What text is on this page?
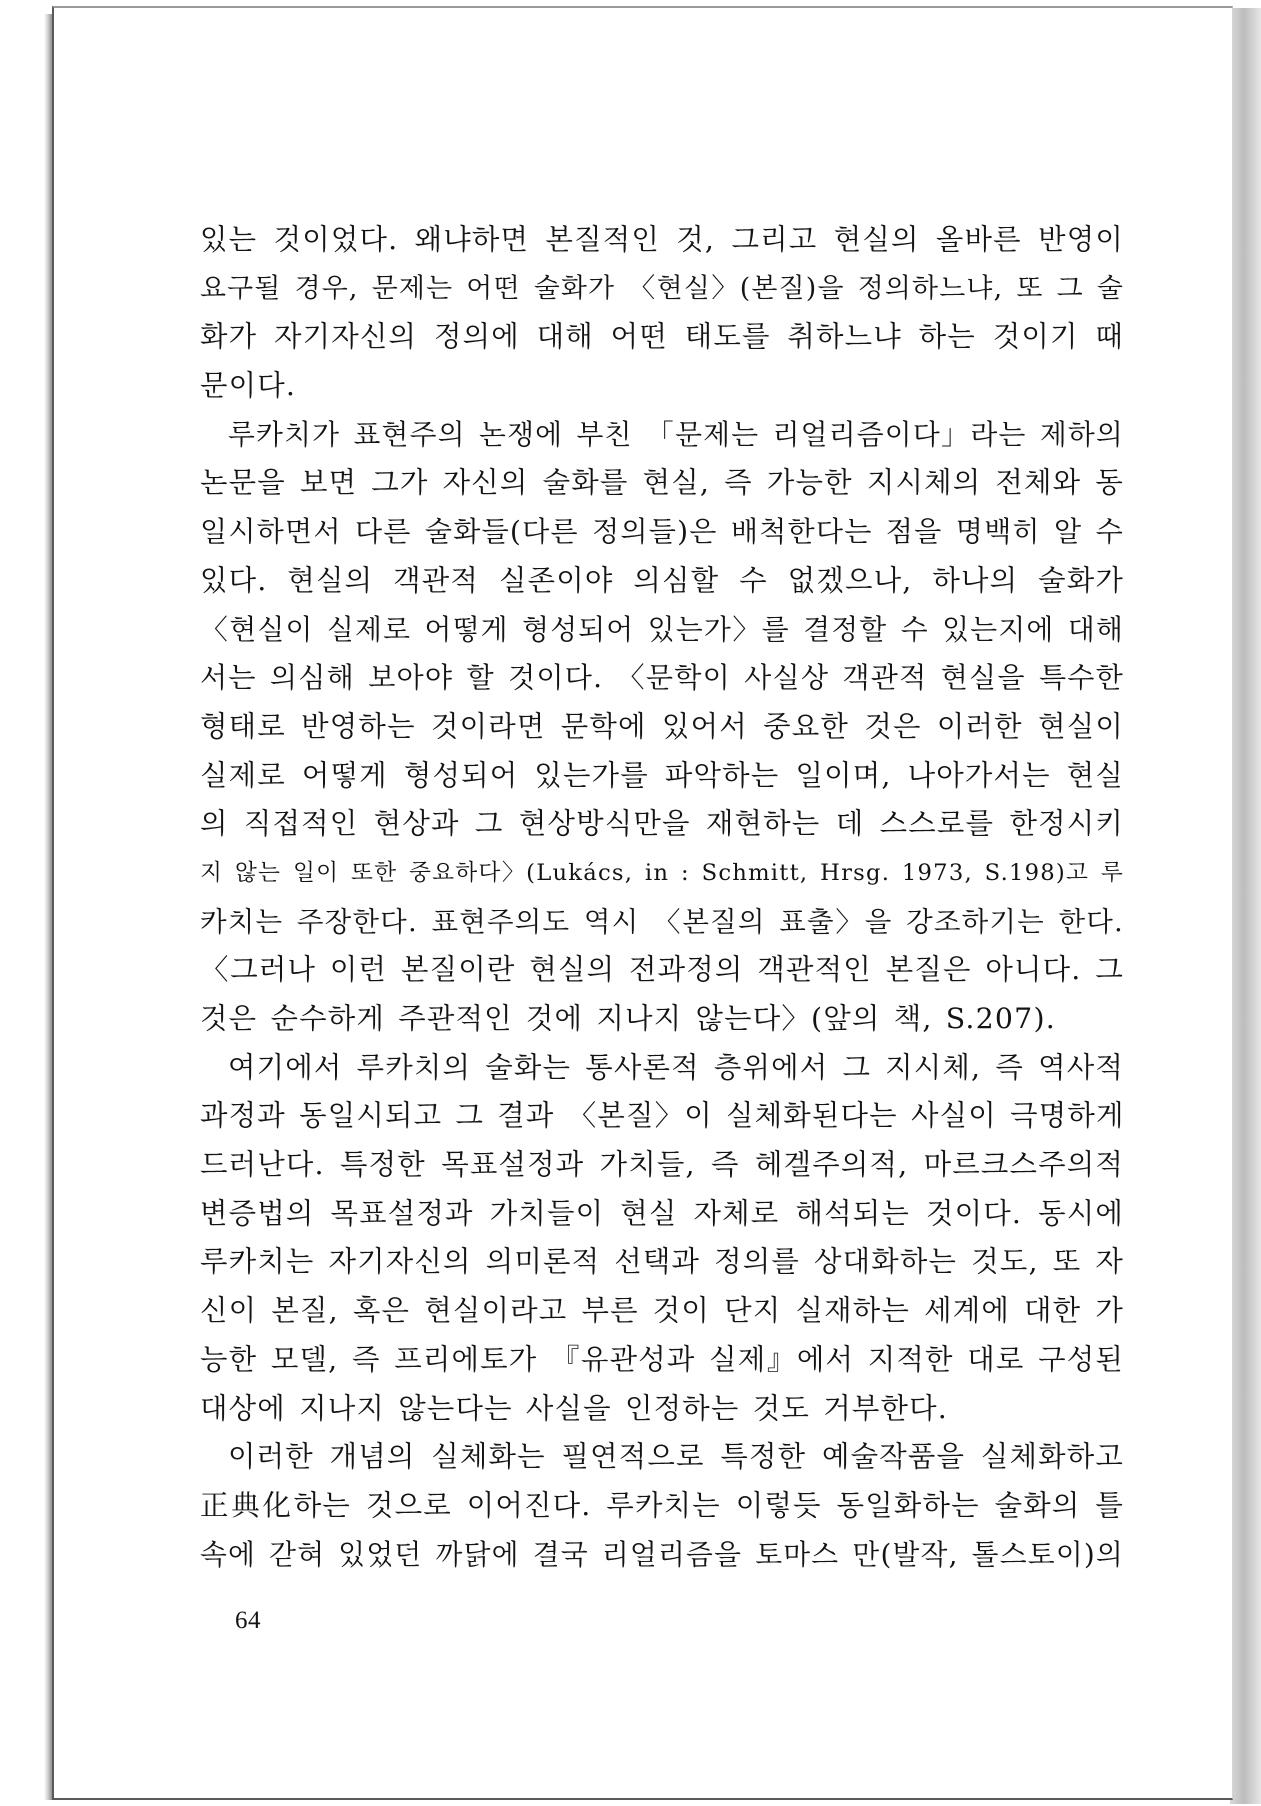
있는 것이었다. 왜냐하면 본질적인 것, 그리고 현실의 올바른 반영이
요구될 경우, 문제는 어떤 술화가 〈현실〉(본질)을 정의하느냐, 또 그 술
화가 자기자신의 정의에 대해 어떤 태도를 취하느냐 하는 것이기 때
문이다.

루카치가 표현주의 논쟁에 부친 「문제는 리얼리즘이다」라는 제하의
논문을 보면 그가 자신의 술화를 현실, 즉 가능한 지시체의 전체와 동
일시하면서 다른 술화들(다른 정의들)은 배척한다는 점을 명백히 알 수
있다. 현실의 객관적 실존이야 의심할 수 없겠으나, 하나의 술화가
〈현실이 실제로 어떻게 형성되어 있는가〉를 결정할 수 있는지에 대해
서는 의심해 보아야 할 것이다. 〈문학이 사실상 객관적 현실을 특수한
형태로 반영하는 것이라면 문학에 있어서 중요한 것은 이러한 현실이
실제로 어떻게 형성되어 있는가를 파악하는 일이며, 나아가서는 현실
의 직접적인 현상과 그 현상방식만을 재현하는 데 스스로를 한정시키
지 않는 일이 또한 중요하다〉(Lukács, in : Schmitt, Hrsg. 1973, S.198)고 루
카치는 주장한다. 표현주의도 역시 〈본질의 표출〉을 강조하기는 한다.
〈그러나 이런 본질이란 현실의 전과정의 객관적인 본질은 아니다. 그
것은 순수하게 주관적인 것에 지나지 않는다〉(앞의 책, S.207).

여기에서 루카치의 술화는 통사론적 층위에서 그 지시체, 즉 역사적
과정과 동일시되고 그 결과 〈본질〉이 실체화된다는 사실이 극명하게
드러난다. 특정한 목표설정과 가치들, 즉 헤겔주의적, 마르크스주의적
변증법의 목표설정과 가치들이 현실 자체로 해석되는 것이다. 동시에
루카치는 자기자신의 의미론적 선택과 정의를 상대화하는 것도, 또 자
신이 본질, 혹은 현실이라고 부른 것이 단지 실재하는 세계에 대한 가
능한 모델, 즉 프리에토가 『유관성과 실제』에서 지적한 대로 구성된
대상에 지나지 않는다는 사실을 인정하는 것도 거부한다.

이러한 개념의 실체화는 필연적으로 특정한 예술작품을 실체화하고
正典化하는 것으로 이어진다. 루카치는 이렇듯 동일화하는 술화의 틀
속에 갇혀 있었던 까닭에 결국 리얼리즘을 토마스 만(발작, 톨스토이)의

64
